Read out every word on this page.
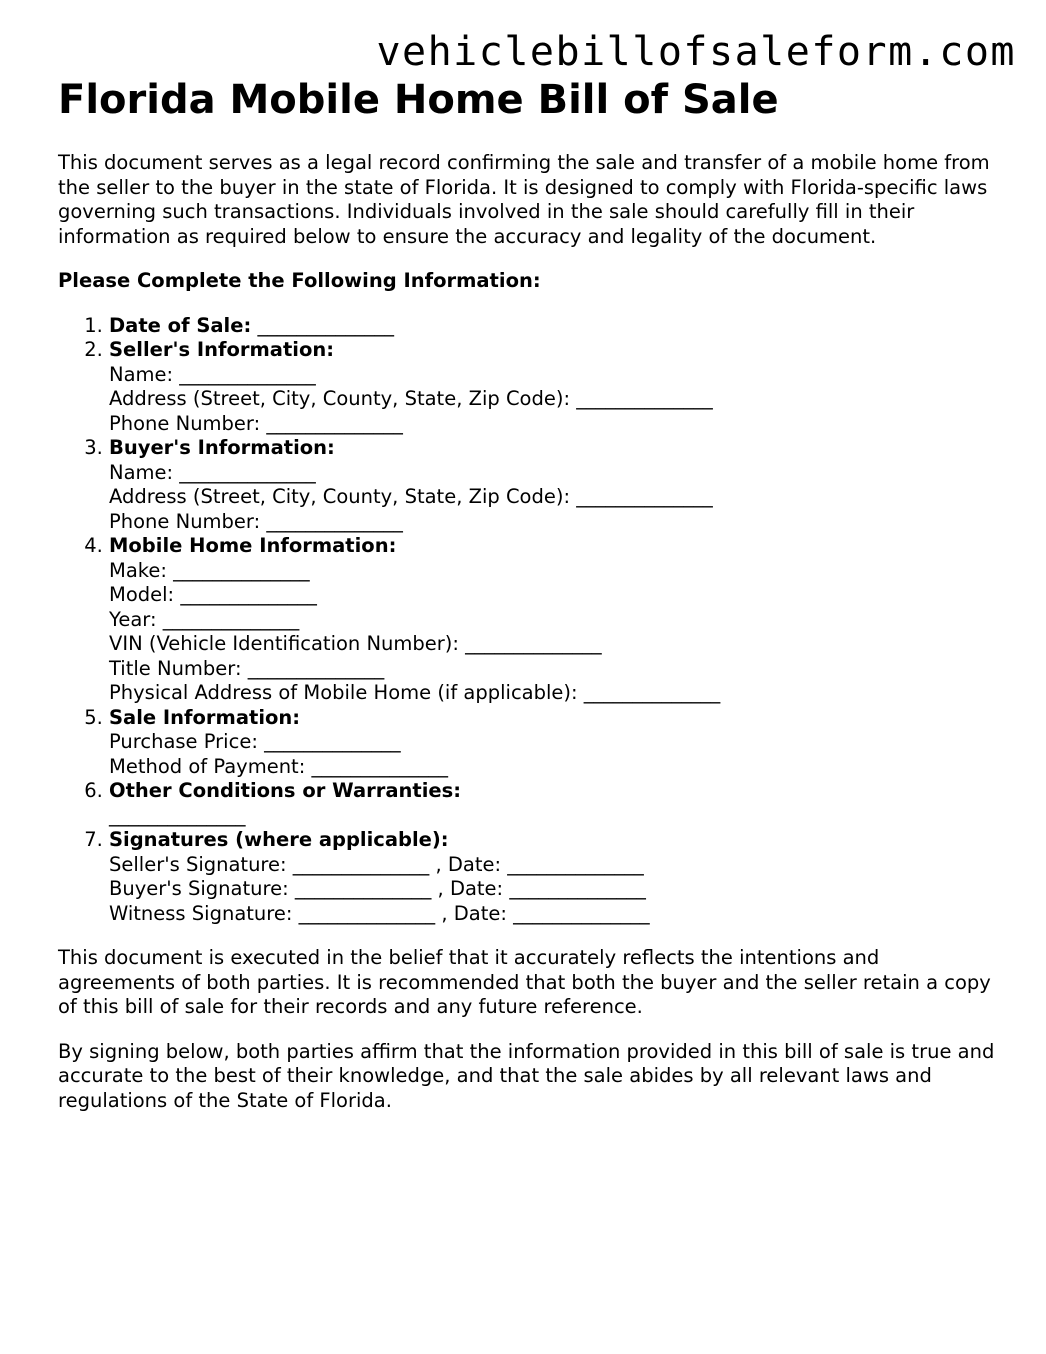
vehiclebillofsaleform.com
Florida Mobile Home Bill of Sale

This document serves as a legal record confirming the sale and transfer of a mobile home from the seller to the buyer in the state of Florida. It is designed to comply with Florida-specific laws governing such transactions. Individuals involved in the sale should carefully fill in their information as required below to ensure the accuracy and legality of the document.

Please Complete the Following Information:

1. Date of Sale: ______________
2. Seller's Information:
Name: ______________
Address (Street, City, County, State, Zip Code): ______________
Phone Number: ______________
3. Buyer's Information:
Name: ______________
Address (Street, City, County, State, Zip Code): ______________
Phone Number: ______________
4. Mobile Home Information:
Make: ______________
Model: ______________
Year: ______________
VIN (Vehicle Identification Number): ______________
Title Number: ______________
Physical Address of Mobile Home (if applicable): ______________
5. Sale Information:
Purchase Price: ______________
Method of Payment: ______________
6. Other Conditions or Warranties:
______________
7. Signatures (where applicable):
Seller's Signature: ______________ , Date: ______________
Buyer's Signature: ______________ , Date: ______________
Witness Signature: ______________ , Date: ______________

This document is executed in the belief that it accurately reflects the intentions and agreements of both parties. It is recommended that both the buyer and the seller retain a copy of this bill of sale for their records and any future reference.

By signing below, both parties affirm that the information provided in this bill of sale is true and accurate to the best of their knowledge, and that the sale abides by all relevant laws and regulations of the State of Florida.
